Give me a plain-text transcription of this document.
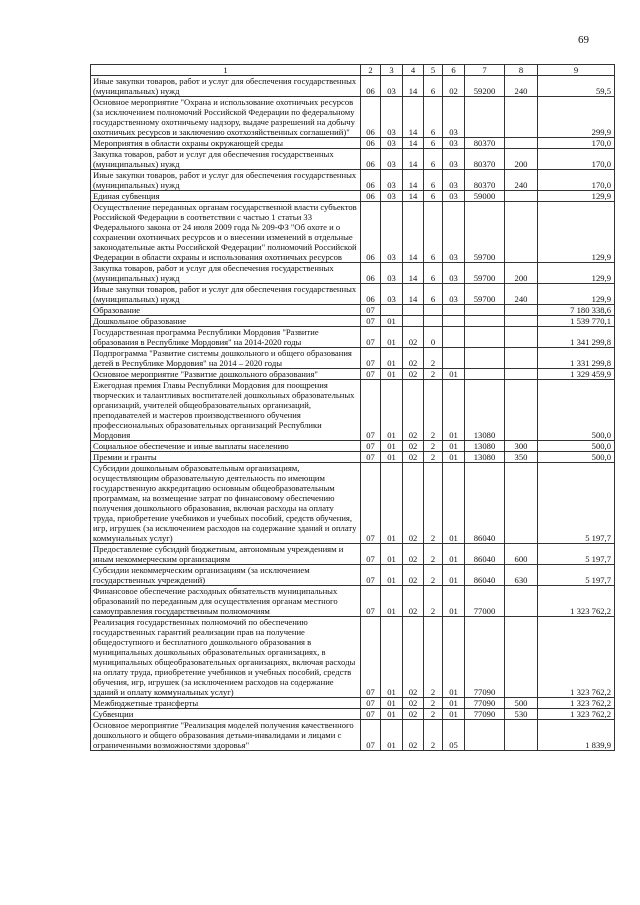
69
1	2	3	4	5	6	7	8	9
Иные закупки товаров, работ и услуг для обеспечения государственных (муниципальных) нужд	06	03	14	6	02	59200	240	59,5
Основное мероприятие "Охрана и использование охотничьих ресурсов (за исключением полномочий Российской Федерации по федеральному государственному охотничьему надзору, выдаче разрешений на добычу охотничьих ресурсов и заключению охотхозяйственных соглашений)"	06	03	14	6	03			299,9
Мероприятия в области охраны окружающей среды	06	03	14	6	03	80370		170,0
Закупка товаров, работ и услуг для обеспечения государственных (муниципальных) нужд	06	03	14	6	03	80370	200	170,0
Иные закупки товаров, работ и услуг для обеспечения государственных (муниципальных) нужд	06	03	14	6	03	80370	240	170,0
Единая субвенция	06	03	14	6	03	59000		129,9
Осуществление переданных органам государственной власти субъектов Российской Федерации в соответствии с частью 1 статьи 33 Федерального закона от 24 июля 2009 года № 209-ФЗ "Об охоте и о сохранении охотничьих ресурсов и о внесении изменений в отдельные законодательные акты Российской Федерации" полномочий Российской Федерации в области охраны и использования охотничьих ресурсов	06	03	14	6	03	59700		129,9
Закупка товаров, работ и услуг для обеспечения государственных (муниципальных) нужд	06	03	14	6	03	59700	200	129,9
Иные закупки товаров, работ и услуг для обеспечения государственных (муниципальных) нужд	06	03	14	6	03	59700	240	129,9
Образование	07							7 180 338,6
Дошкольное образование	07	01						1 539 770,1
Государственная программа Республики Мордовия "Развитие образования в Республике Мордовия" на 2014-2020 годы	07	01	02	0				1 341 299,8
Подпрограмма "Развитие системы дошкольного и общего образования детей в Республике Мордовия" на 2014 – 2020 годы	07	01	02	2				1 331 299,8
Основное мероприятие "Развитие дошкольного образования"	07	01	02	2	01			1 329 459,9
Ежегодная премия Главы Республики Мордовия для поощрения творческих и талантливых воспитателей дошкольных образовательных организаций, учителей общеобразовательных организаций, преподавателей и мастеров производственного обучения профессиональных образовательных организаций Республики Мордовия	07	01	02	2	01	13080		500,0
Социальное обеспечение и иные выплаты населению	07	01	02	2	01	13080	300	500,0
Премии и гранты	07	01	02	2	01	13080	350	500,0
Субсидии дошкольным образовательным организациям, осуществляющим образовательную деятельность по имеющим государственную аккредитацию основным общеобразовательным программам, на возмещение затрат по финансовому обеспечению получения дошкольного образования, включая расходы на оплату труда, приобретение учебников и учебных пособий, средств обучения, игр, игрушек (за исключением расходов на содержание зданий и оплату коммунальных услуг)	07	01	02	2	01	86040		5 197,7
Предоставление субсидий бюджетным, автономным учреждениям и иным некоммерческим организациям	07	01	02	2	01	86040	600	5 197,7
Субсидии некоммерческим организациям (за исключением государственных учреждений)	07	01	02	2	01	86040	630	5 197,7
Финансовое обеспечение расходных обязательств муниципальных образований по переданным для осуществления органам местного самоуправления государственным полномочиям	07	01	02	2	01	77000		1 323 762,2
Реализация государственных полномочий по обеспечению государственных гарантий реализации прав на получение общедоступного и бесплатного дошкольного образования в муниципальных дошкольных образовательных организациях, в муниципальных общеобразовательных организациях, включая расходы на оплату труда, приобретение учебников и учебных пособий, средств обучения, игр, игрушек (за исключением расходов на содержание зданий и оплату коммунальных услуг)	07	01	02	2	01	77090		1 323 762,2
Межбюджетные трансферты	07	01	02	2	01	77090	500	1 323 762,2
Субвенции	07	01	02	2	01	77090	530	1 323 762,2
Основное мероприятие "Реализация моделей получения качественного дошкольного и общего образования детьми-инвалидами и лицами с ограниченными возможностями здоровья"	07	01	02	2	05			1 839,9
